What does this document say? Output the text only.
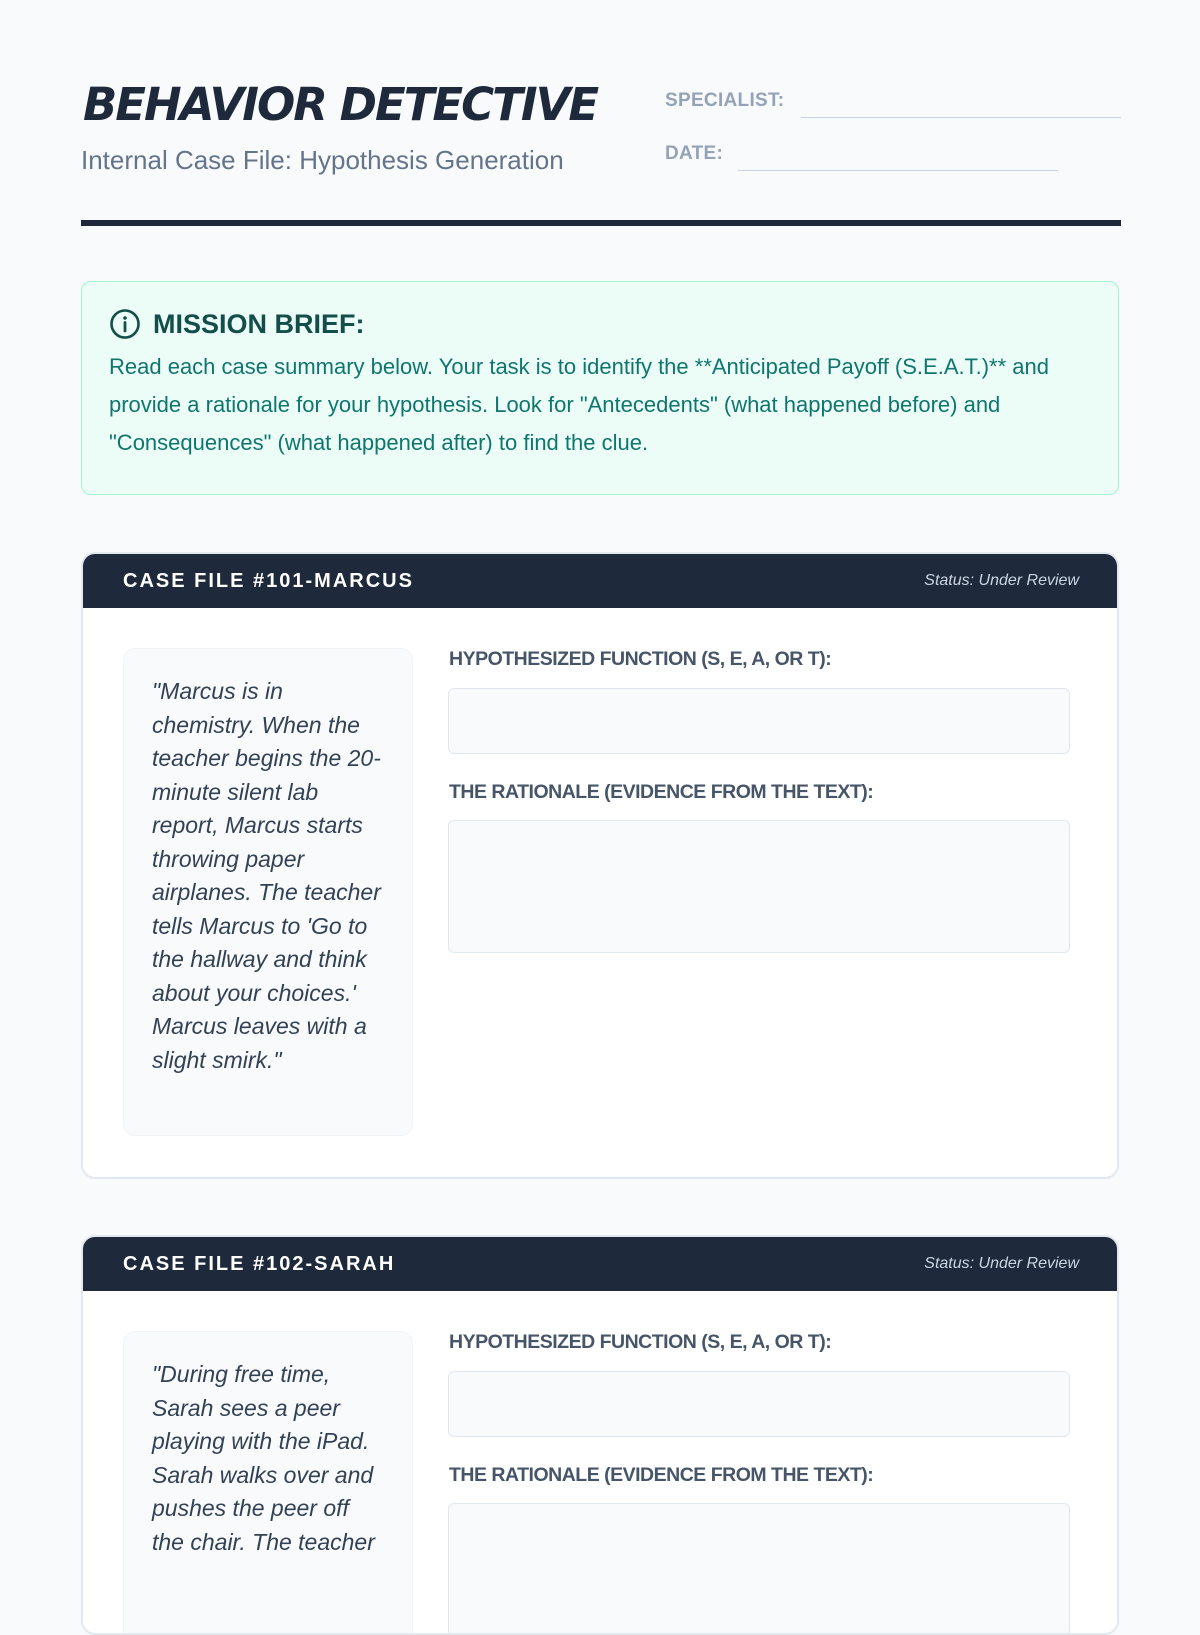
BEHAVIOR DETECTIVE
Internal Case File: Hypothesis Generation
SPECIALIST:
DATE:
MISSION BRIEF:

Read each case summary below. Your task is to identify the **Anticipated Payoff (S.E.A.T.)** and provide a rationale for your hypothesis. Look for "Antecedents" (what happened before) and "Consequences" (what happened after) to find the clue.

CASE FILE #101-MARCUS	Status: Under Review

"Marcus is in chemistry. When the teacher begins the 20-minute silent lab report, Marcus starts throwing paper airplanes. The teacher tells Marcus to 'Go to the hallway and think about your choices.' Marcus leaves with a slight smirk."

HYPOTHESIZED FUNCTION (S, E, A, OR T):
THE RATIONALE (EVIDENCE FROM THE TEXT):
CASE FILE #102-SARAH	Status: Under Review

"During free time, Sarah sees a peer playing with the iPad. Sarah walks over and pushes the peer off the chair. The teacher

HYPOTHESIZED FUNCTION (S, E, A, OR T):
THE RATIONALE (EVIDENCE FROM THE TEXT):
